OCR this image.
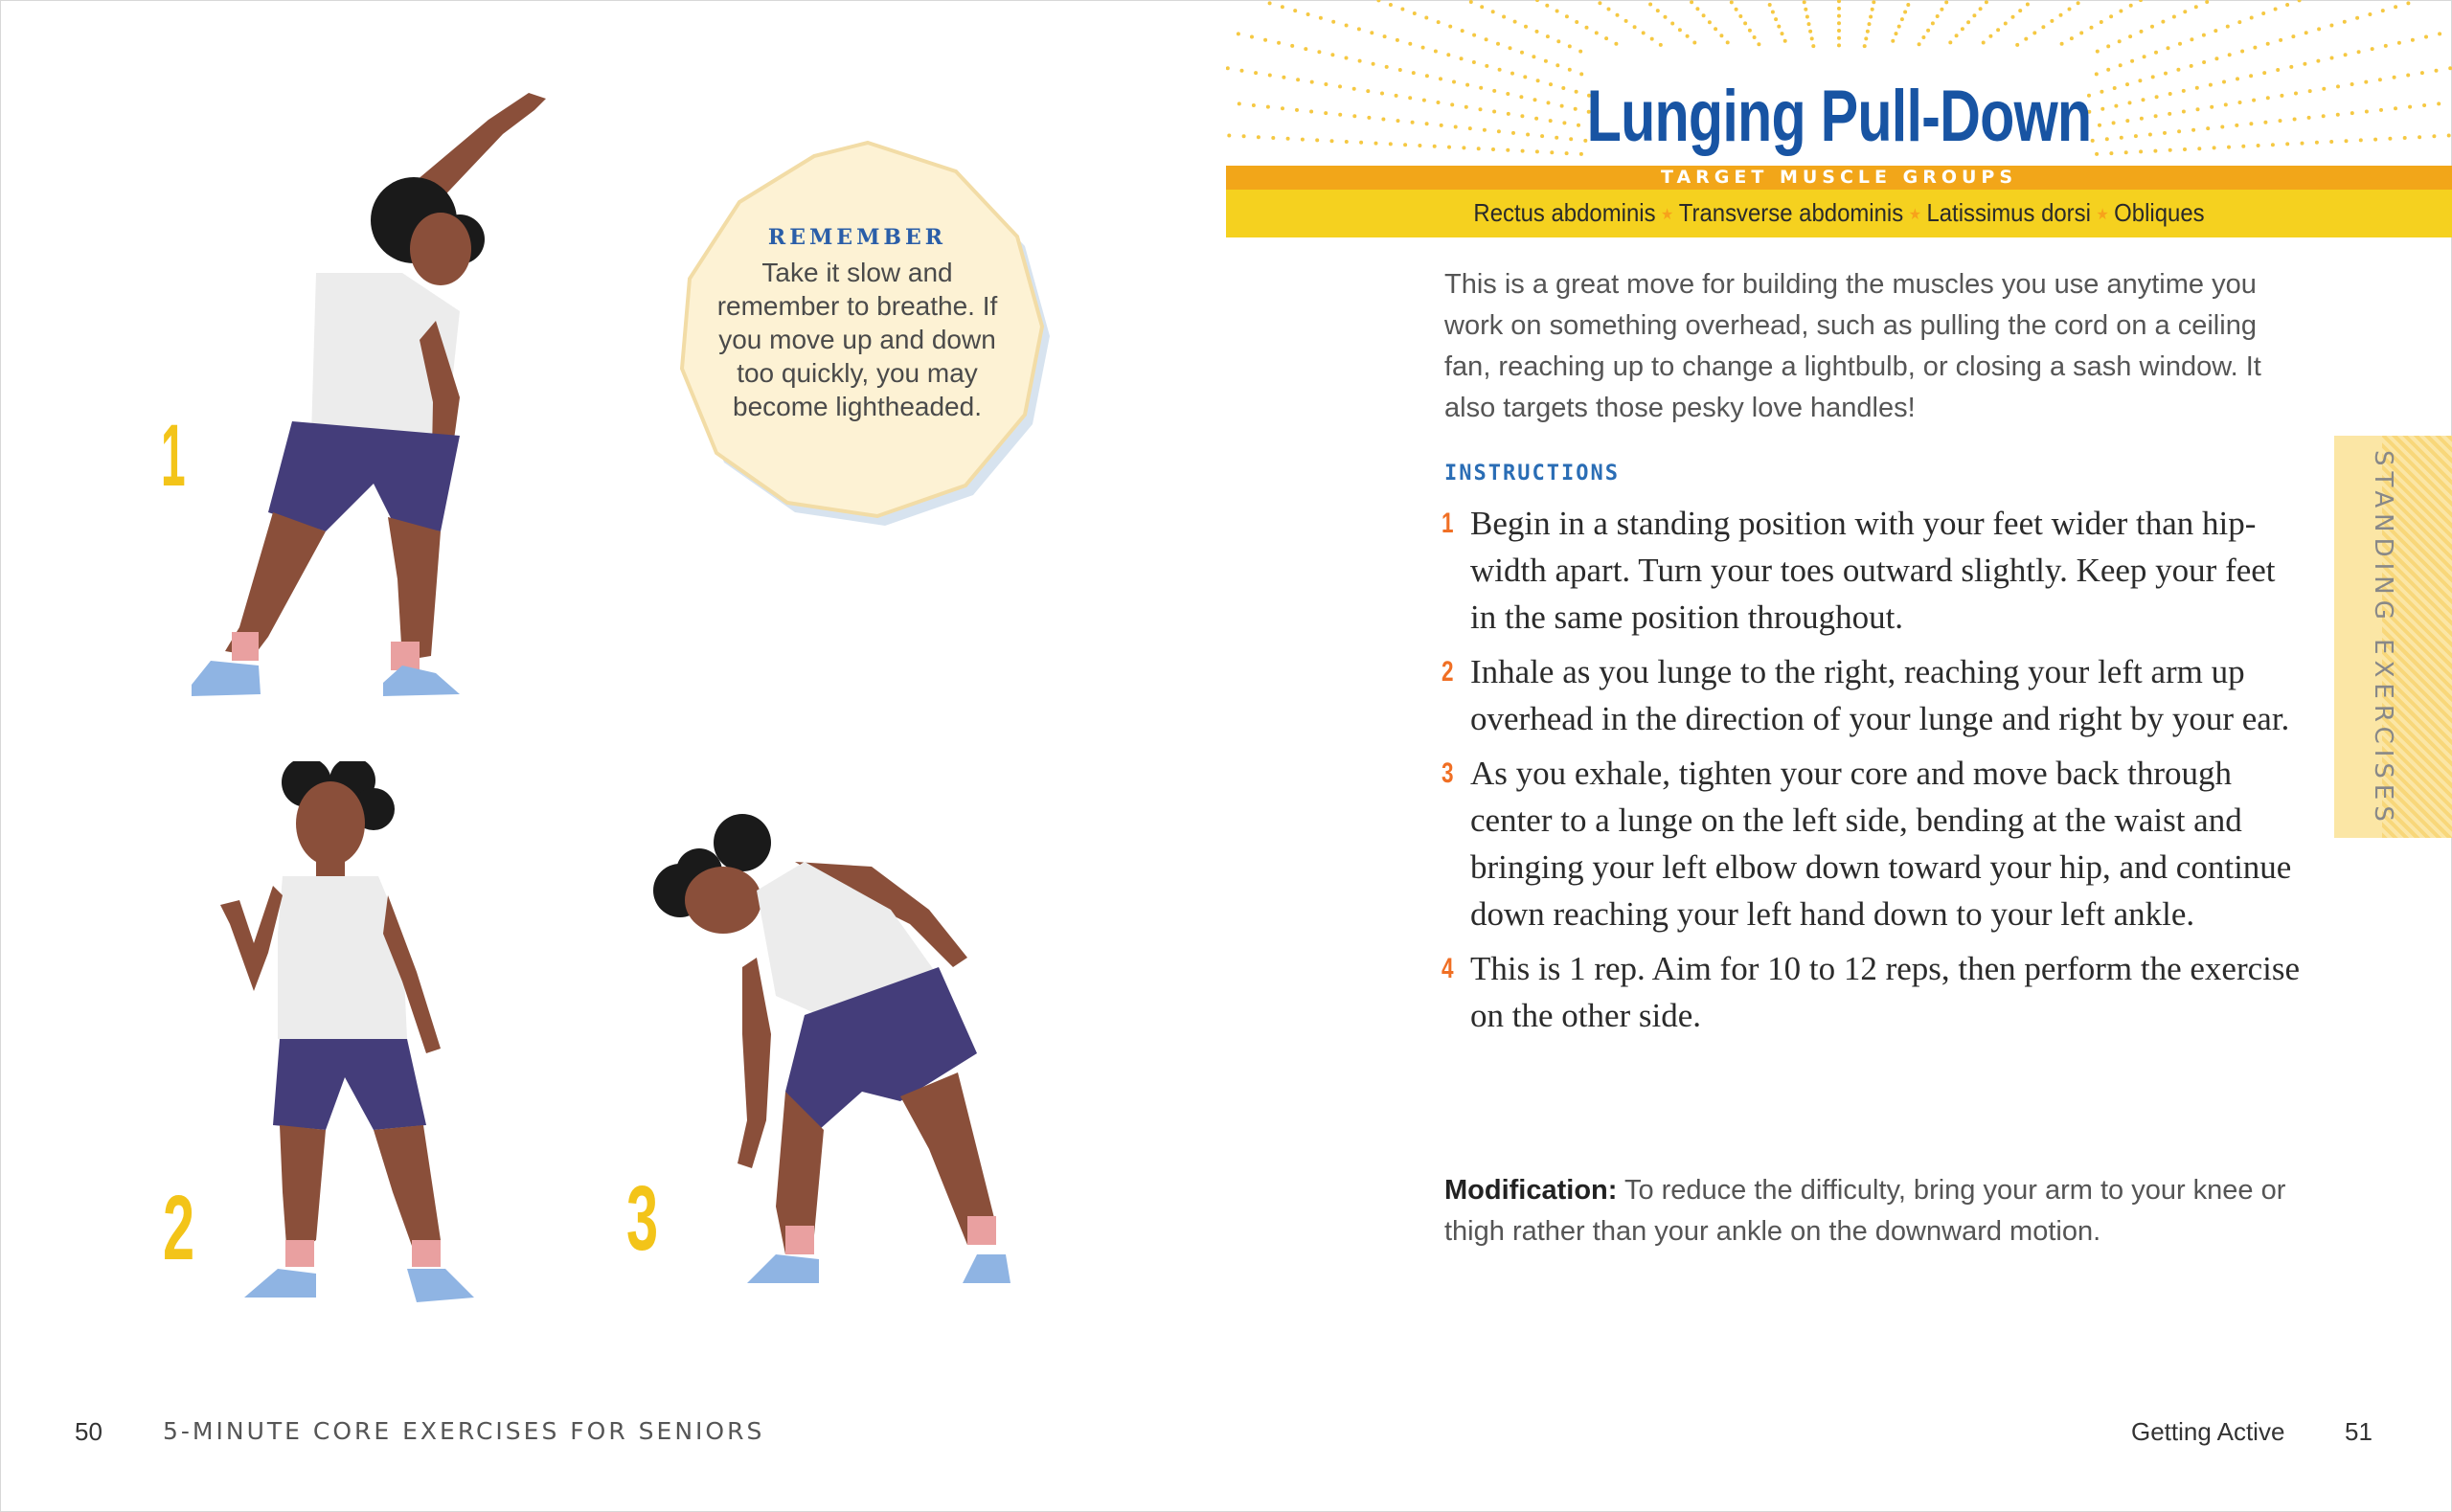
1
2	3
REMEMBER
Take it slow and remember to breathe. If you move up and down too quickly, you may become lightheaded.
50	5-MINUTE CORE EXERCISES FOR SENIORS
Lunging Pull-Down
TARGET MUSCLE GROUPS
Rectus abdominis ★ Transverse abdominis ★ Latissimus dorsi ★ Obliques
This is a great move for building the muscles you use anytime you work on something overhead, such as pulling the cord on a ceiling fan, reaching up to change a lightbulb, or closing a sash window. It also targets those pesky love handles!
INSTRUCTIONS
1 Begin in a standing position with your feet wider than hip-width apart. Turn your toes outward slightly. Keep your feet in the same position throughout.
2 Inhale as you lunge to the right, reaching your left arm up overhead in the direction of your lunge and right by your ear.
3 As you exhale, tighten your core and move back through center to a lunge on the left side, bending at the waist and bringing your left elbow down toward your hip, and continue down reaching your left hand down to your left ankle.
4 This is 1 rep. Aim for 10 to 12 reps, then perform the exercise on the other side.
Modification: To reduce the difficulty, bring your arm to your knee or thigh rather than your ankle on the downward motion.
STANDING EXERCISES
Getting Active 51
